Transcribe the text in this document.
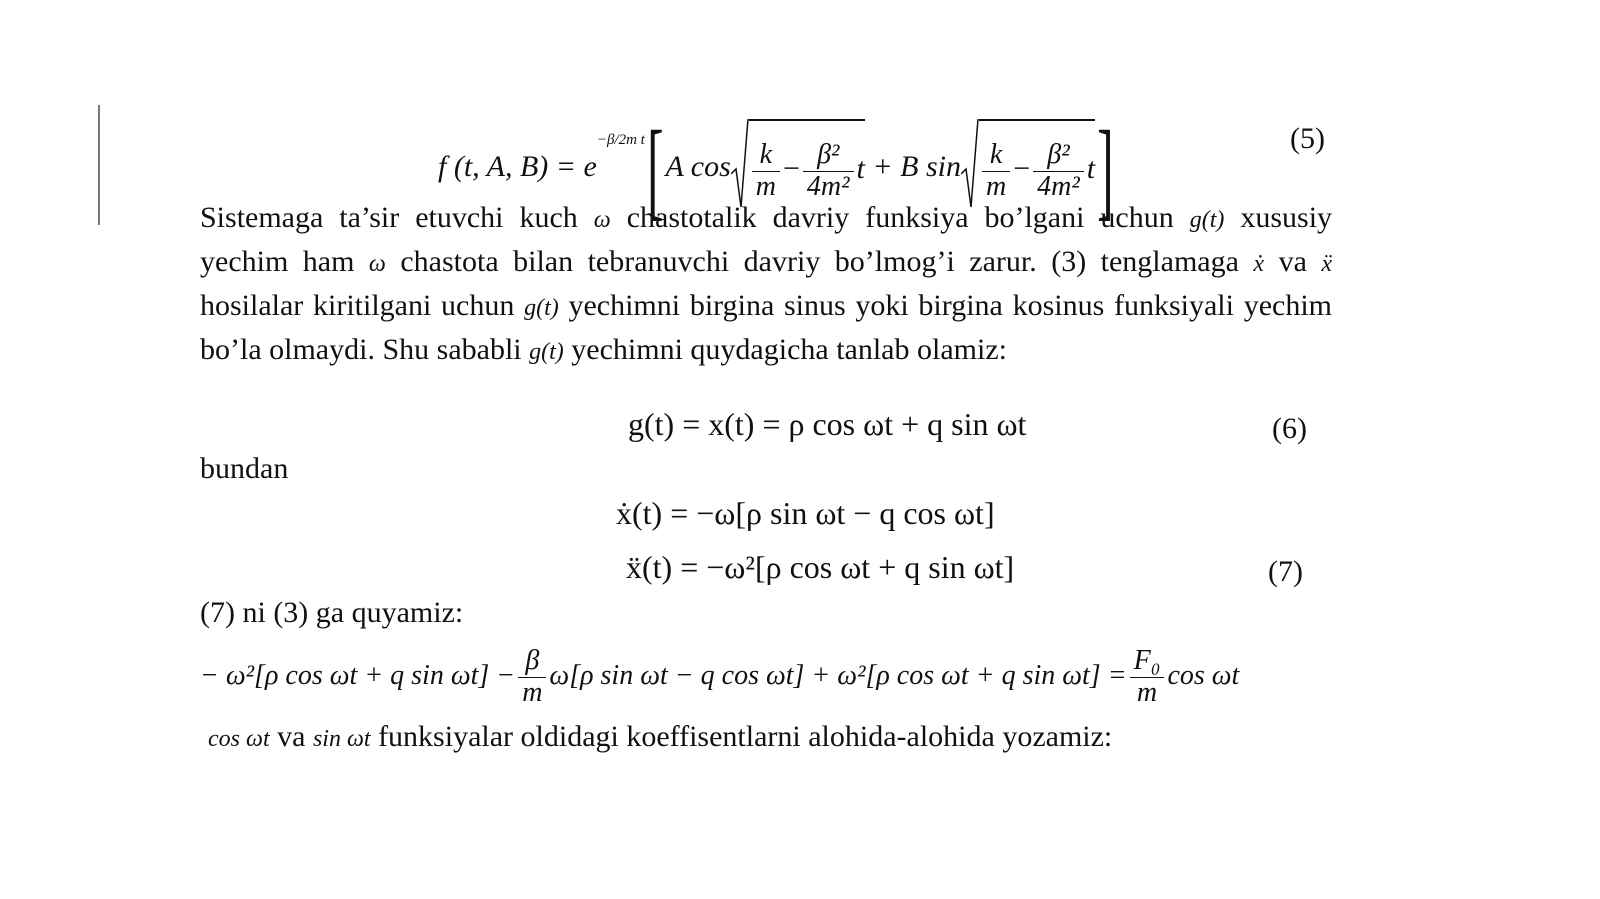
f (t, A, $B) = e^{-\beta/2m t}[A$ $\cos \frac{k}{m} - \frac{\text{β²}}{\text{4m²}}$ t + B $\sin \frac{k}{m} - \frac{\text{β²}}{\text{4m²}} t$]	(5)
Sistemaga ta’sir etuvchi kuch ω chastotalik davriy funksiya bo’lgani uchun g(t) xususiy yechim ham ω chastota bilan tebranuvchi davriy bo’lmog’i zarur. (3) tenglamaga ẋ va ẍ hosilalar kiritilgani uchun g(t) yechimni birgina sinus yoki birgina kosinus funksiyali yechim bo’la olmaydi. Shu sababli g(t) yechimni quydagicha tanlab olamiz:
g(t) = x(t) = ρ cos ωt + q sin ωt	(6)
bundan
ẋ(t) = −ω[ρ sin ωt − q cos ωt]
ẍ(t) = −ω²[ρ cos ωt + q sin ωt]	(7)
(7) ni (3) ga quyamiz:
− ω²[ρ cos ωt + q $\sin \omega t] - \frac{\beta}{m} \omega[\rho$ sin ωt − q cos ωt] + ω²[ρ cos ωt + q $\sin \omega t] = \frac{\text{F₀}}{m}$ cos ωt
cos ωt va sin ωt funksiyalar oldidagi koeffisentlarni alohida-alohida yozamiz:
